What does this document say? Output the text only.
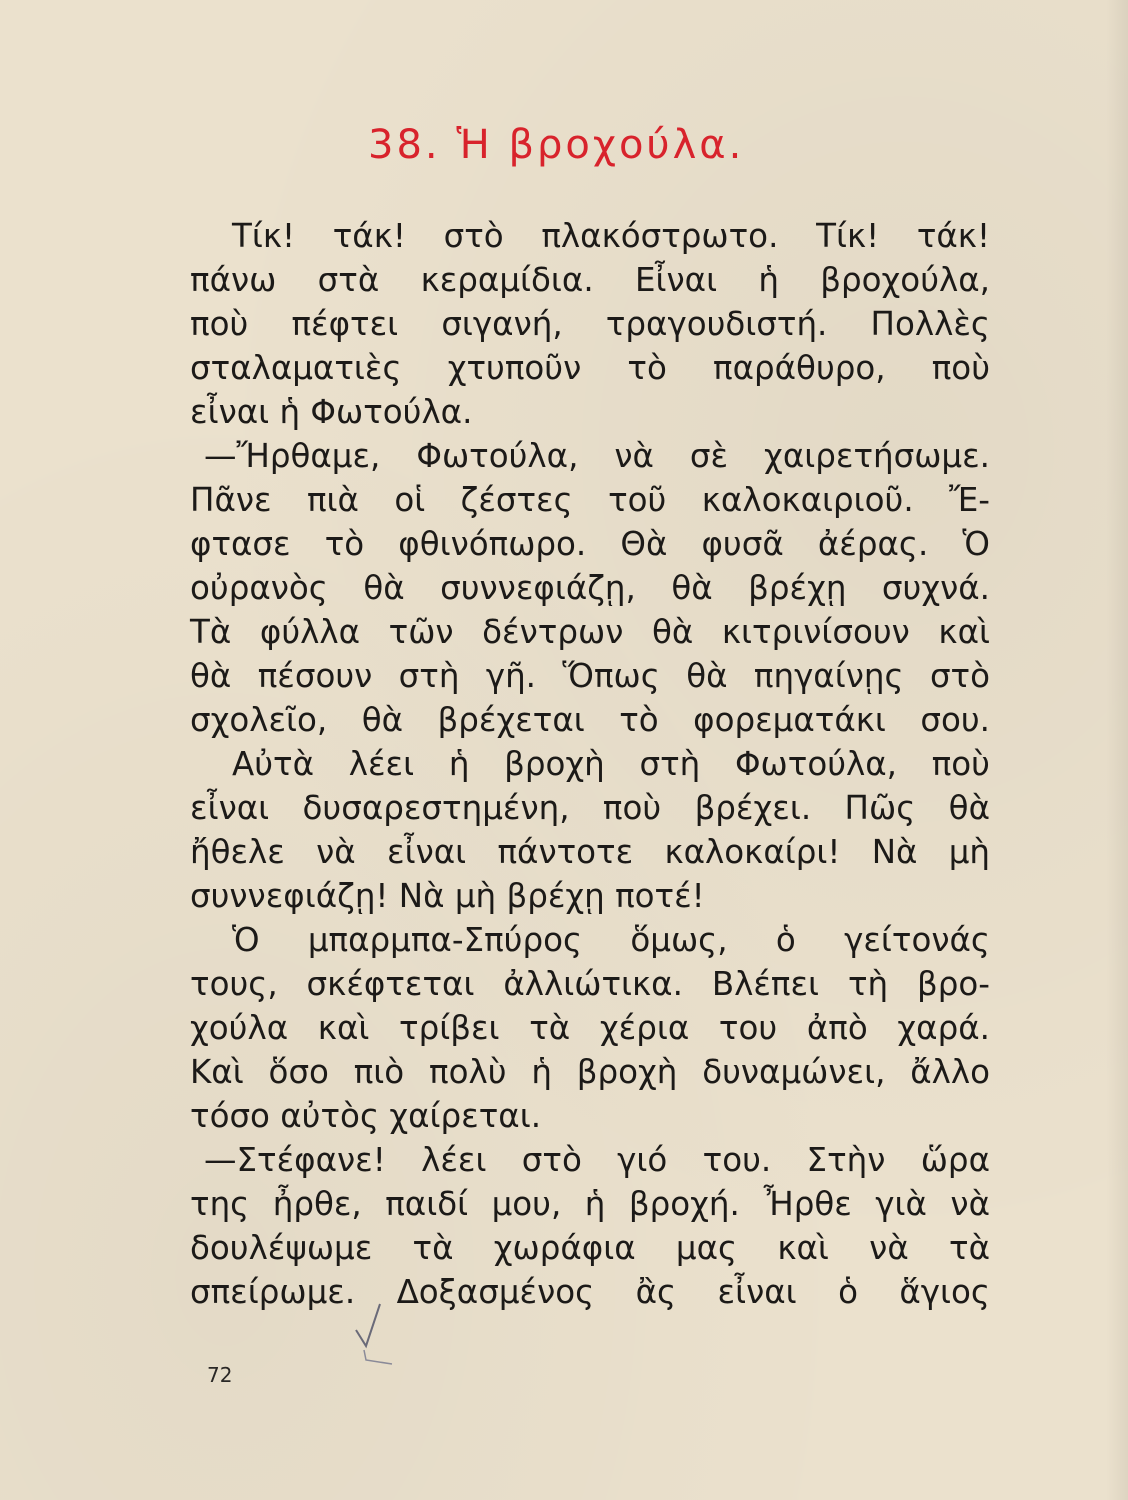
38. Ἡ βροχούλα.
Τίκ! τάκ! στὸ πλακόστρωτο. Τίκ! τάκ!
πάνω στὰ κεραμίδια. Εἶναι ἡ βροχούλα,
ποὺ πέφτει σιγανή, τραγουδιστή. Πολλὲς
σταλαματιὲς χτυποῦν τὸ παράθυρο, ποὺ
εἶναι ἡ Φωτούλα.
—Ἤρθαμε, Φωτούλα, νὰ σὲ χαιρετήσωμε.
Πᾶνε πιὰ οἱ ζέστες τοῦ καλοκαιριοῦ. Ἔ-
φτασε τὸ φθινόπωρο. Θὰ φυσᾶ ἀέρας. Ὁ
οὐρανὸς θὰ συννεφιάζῃ, θὰ βρέχῃ συχνά.
Τὰ φύλλα τῶν δέντρων θὰ κιτρινίσουν καὶ
θὰ πέσουν στὴ γῆ. Ὅπως θὰ πηγαίνῃς στὸ
σχολεῖο, θὰ βρέχεται τὸ φορεματάκι σου.
Αὐτὰ λέει ἡ βροχὴ στὴ Φωτούλα, ποὺ
εἶναι δυσαρεστημένη, ποὺ βρέχει. Πῶς θὰ
ἤθελε νὰ εἶναι πάντοτε καλοκαίρι! Νὰ μὴ
συννεφιάζῃ! Νὰ μὴ βρέχῃ ποτέ!
Ὁ μπαρμπα-Σπύρος ὅμως, ὁ γείτονάς
τους, σκέφτεται ἀλλιώτικα. Βλέπει τὴ βρο-
χούλα καὶ τρίβει τὰ χέρια του ἀπὸ χαρά.
Καὶ ὅσο πιὸ πολὺ ἡ βροχὴ δυναμώνει, ἄλλο
τόσο αὐτὸς χαίρεται.
—Στέφανε! λέει στὸ γιό του. Στὴν ὥρα
της ἦρθε, παιδί μου, ἡ βροχή. Ἦρθε γιὰ νὰ
δουλέψωμε τὰ χωράφια μας καὶ νὰ τὰ
σπείρωμε. Δοξασμένος ἂς εἶναι ὁ ἅγιος
72
